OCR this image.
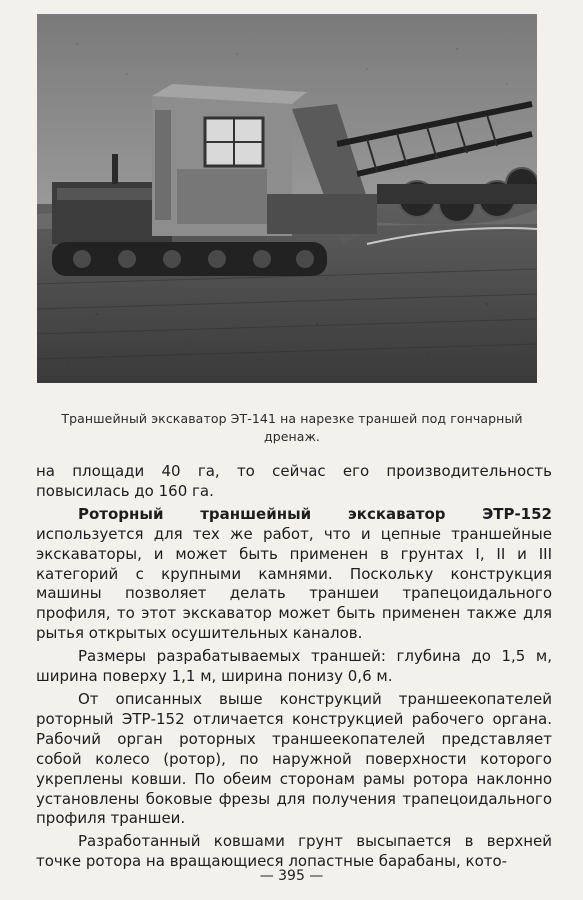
Траншейный экскаватор ЭТ-141 на нарезке траншей под гончарный дренаж.

на площади 40 га, то сейчас его производительность повысилась до 160 га.

Роторный траншейный экскаватор ЭТР-152 используется для тех же работ, что и цепные траншейные экскаваторы, и может быть применен в грунтах I, II и III категорий с крупными камнями. Поскольку конструкция машины позволяет делать траншеи трапецоидального профиля, то этот экскаватор может быть применен также для рытья открытых осушительных каналов.

Размеры разрабатываемых траншей: глубина до 1,5 м, ширина поверху 1,1 м, ширина понизу 0,6 м.

От описанных выше конструкций траншеекопателей роторный ЭТР-152 отличается конструкцией рабочего органа. Рабочий орган роторных траншеекопателей представляет собой колесо (ротор), по наружной поверхности которого укреплены ковши. По обеим сторонам рамы ротора наклонно установлены боковые фрезы для получения трапецоидального профиля траншеи.

Разработанный ковшами грунт высыпается в верхней точке ротора на вращающиеся лопастные барабаны, кото-

— 395 —
